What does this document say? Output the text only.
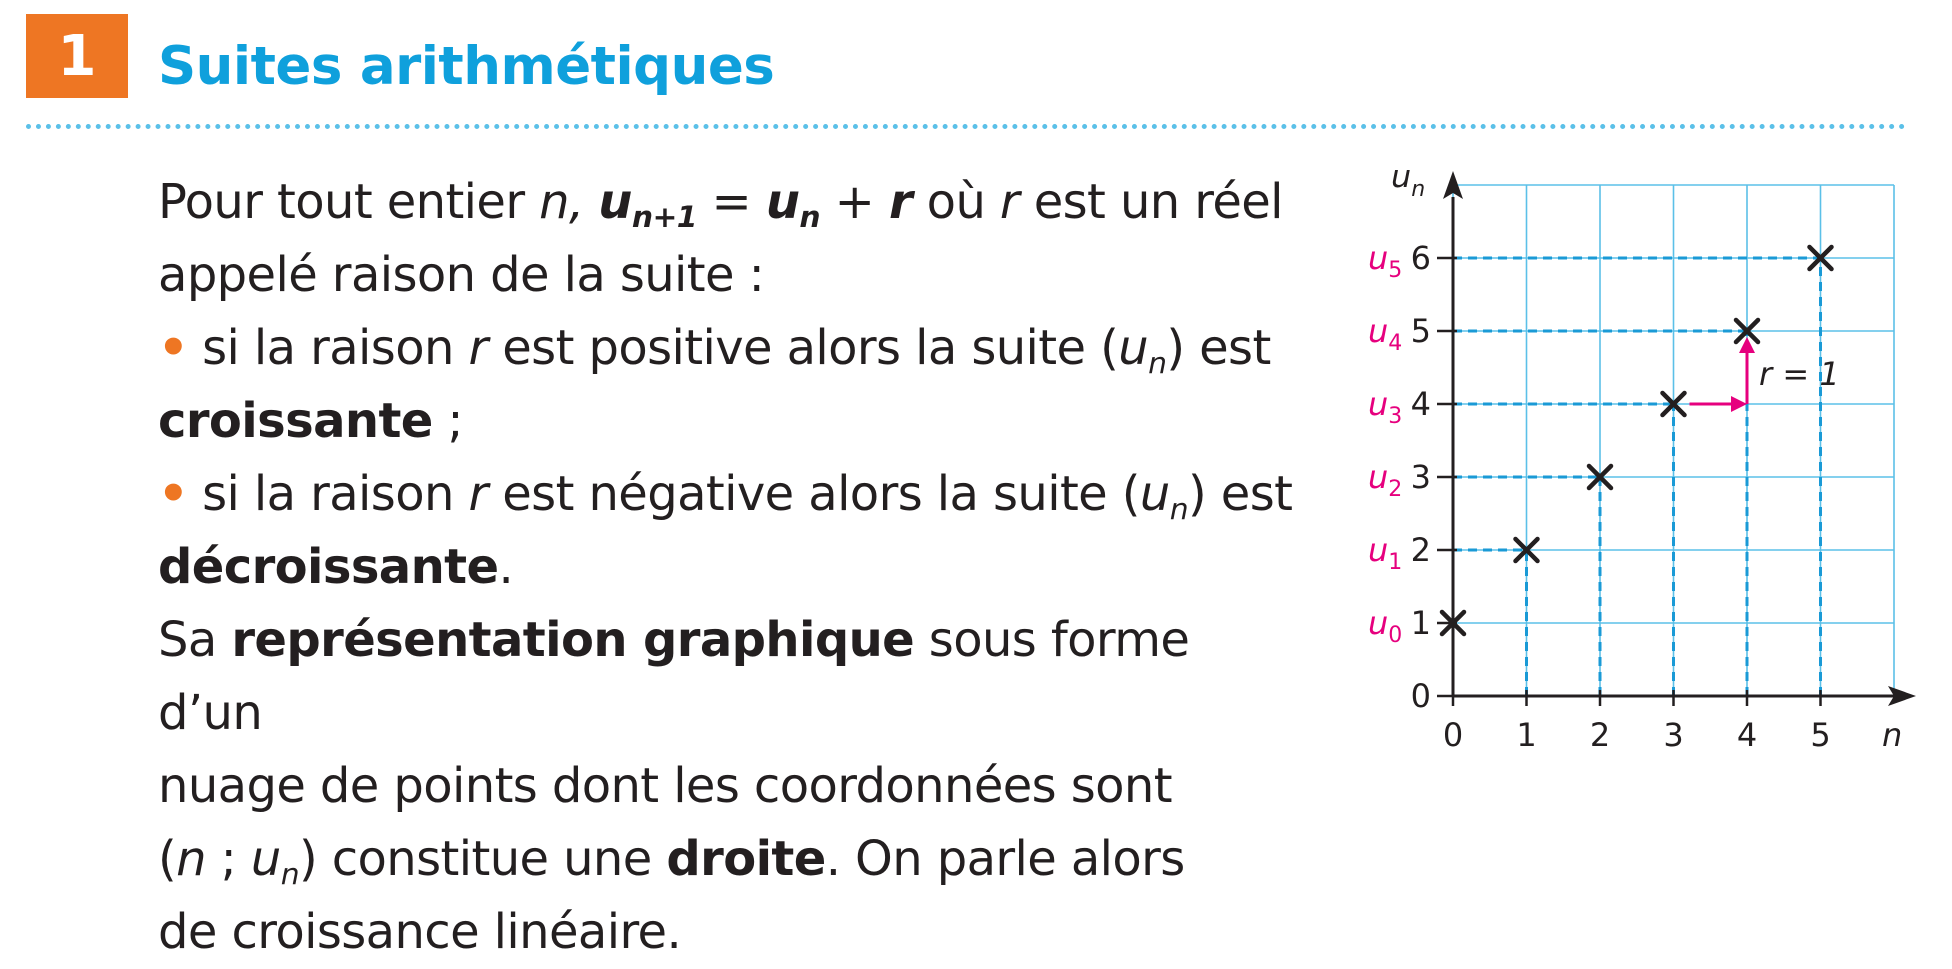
1 Suites arithmétiques

Pour tout entier n, $u_{n+1} = u_n + r$ où r est un réel

appelé raison de la suite :

• si la raison r est positive alors la suite $(u_n)$ est

croissante ;

• si la raison r est négative alors la suite $(u_n)$ est

décroissante.

Sa représentation graphique sous forme d’un

nuage de points dont les coordonnées sont

(n ; $u_n$) constitue une droite. On parle alors

de croissance linéaire.

0 1 2 3 4 5
0
1
2
3
4
5
6
$u_0$
$u_1$
$u_2$
$u_3$
$u_4$
$u_5$
$u_n$
n
r = 1
